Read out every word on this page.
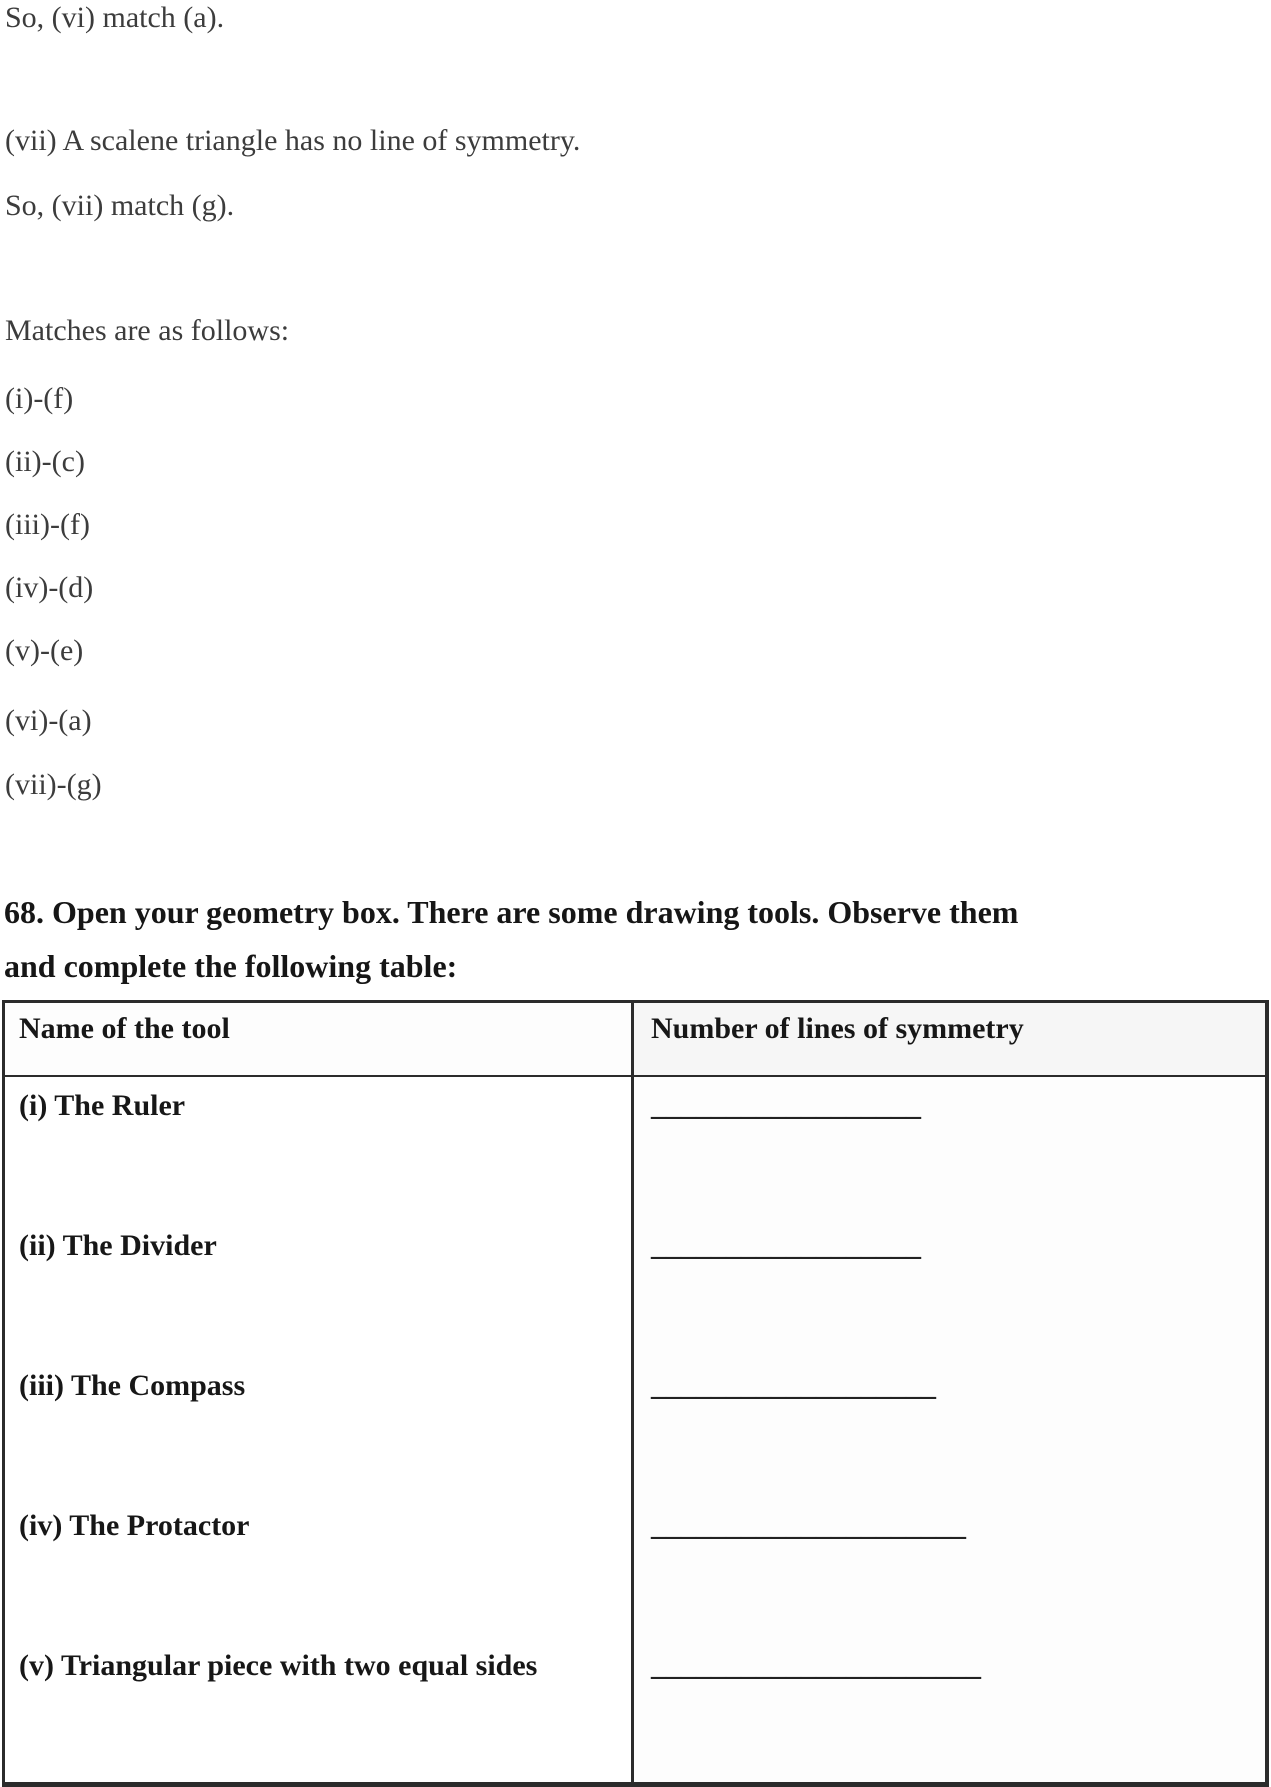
So, (vi) match (a).

(vii) A scalene triangle has no line of symmetry.

So, (vii) match (g).

Matches are as follows:

(i)-(f)

(ii)-(c)

(iii)-(f)

(iv)-(d)

(v)-(e)

(vi)-(a)

(vii)-(g)

68. Open your geometry box. There are some drawing tools. Observe them
and complete the following table:
Name of the tool	Number of lines of symmetry
(i) The Ruler	__________________
(ii) The Divider	__________________
(iii) The Compass	___________________
(iv) The Protactor	_____________________
(v) Triangular piece with two equal sides	______________________
